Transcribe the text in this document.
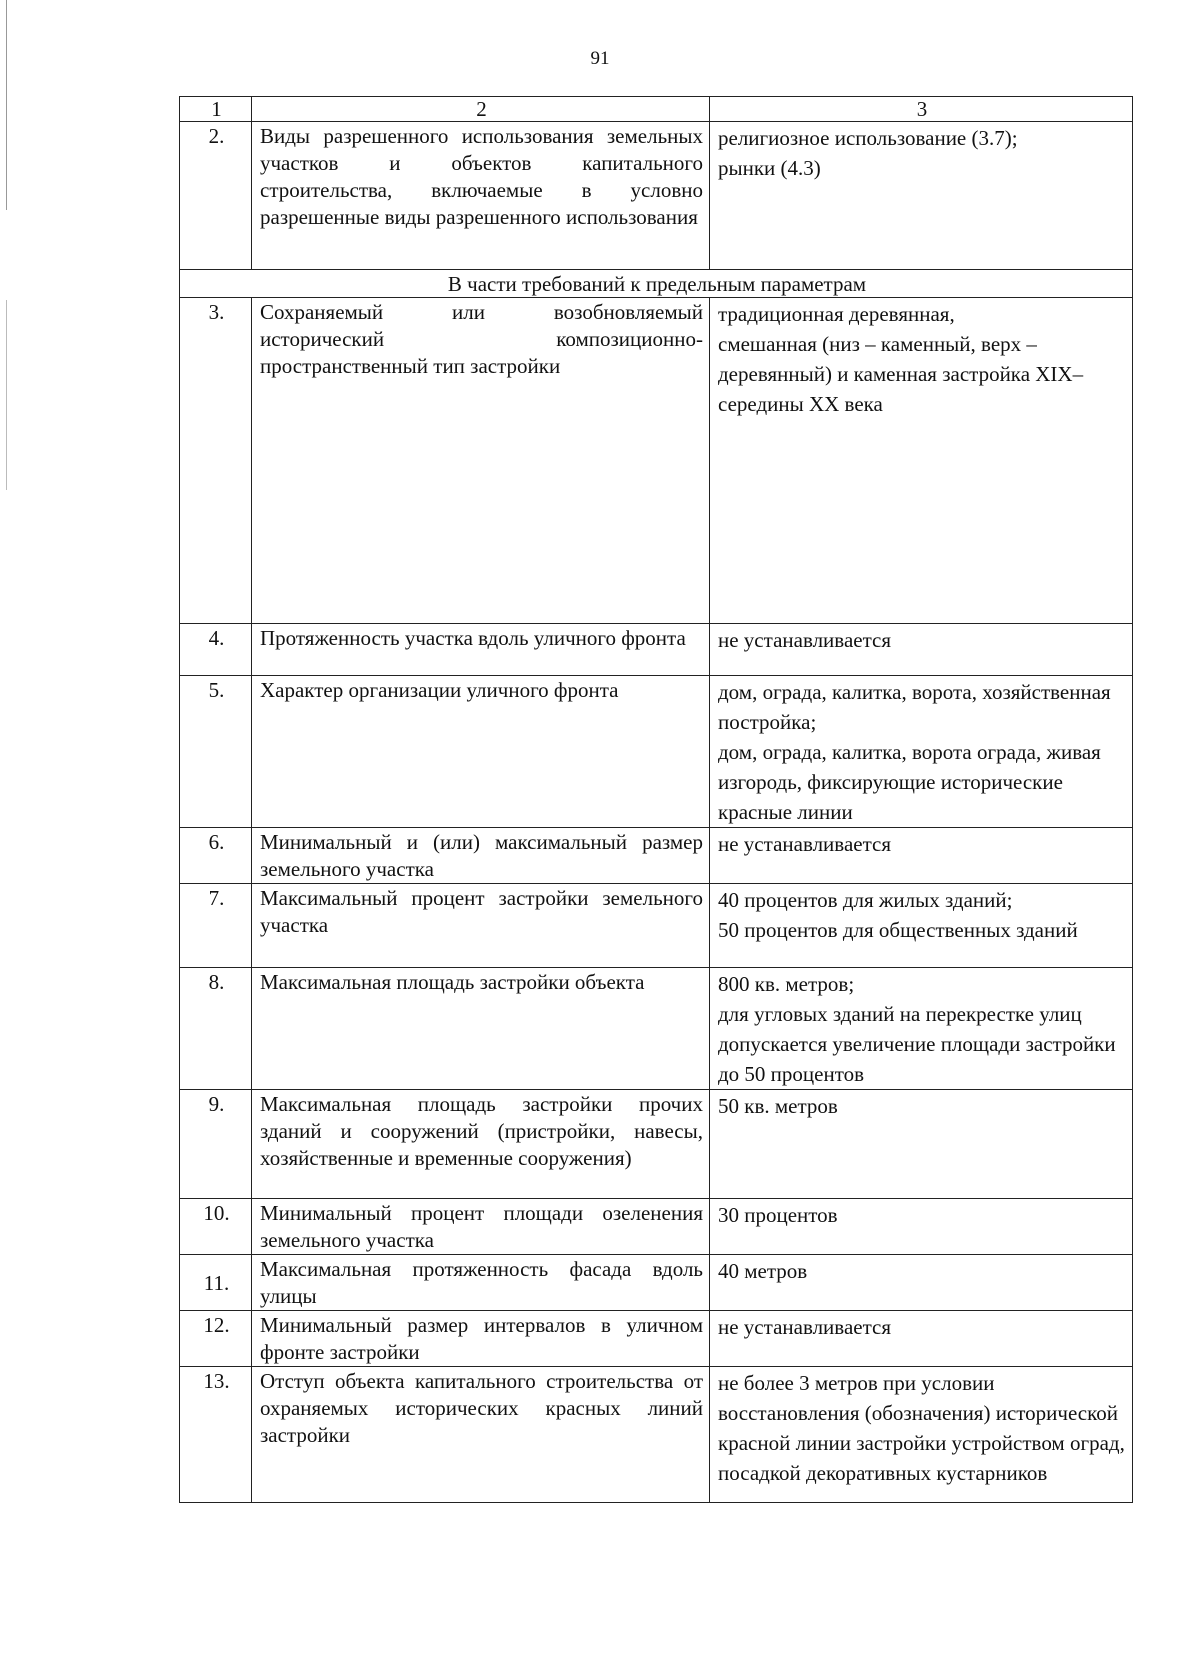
91
1	2	3
2.	Виды разрешенного использования земельных участков и объектов капитального строительства, включаемые в условно разрешенные виды разрешенного использования	религиозное использование (3.7);
рынки (4.3)

В части требований к предельным параметрам		
3.	Сохраняемый или возобновляемый исторический композиционно-пространственный тип застройки	традиционная деревянная,
смешанная (низ – каменный, верх – деревянный) и каменная застройка XIX–середины XX века

4.	Протяженность участка вдоль уличного фронта	не устанавливается

5.	Характер организации уличного фронта	дом, ограда, калитка, ворота, хозяйственная постройка;
дом, ограда, калитка, ворота ограда, живая изгородь, фиксирующие исторические красные линии

6.	Минимальный и (или) максимальный размер земельного участка	не устанавливается

7.	Максимальный процент застройки земельного участка	40 процентов для жилых зданий;
50 процентов для общественных зданий

8.	Максимальная площадь застройки объекта	800 кв. метров;
для угловых зданий на перекрестке улиц допускается увеличение площади застройки до 50 процентов

9.	Максимальная площадь застройки прочих зданий и сооружений (пристройки, навесы, хозяйственные и временные сооружения)	50 кв. метров

10.	Минимальный процент площади озеленения земельного участка	30 процентов

11.	Максимальная протяженность фасада вдоль улицы	40 метров

12.	Минимальный размер интервалов в уличном фронте застройки	не устанавливается

13.	Отступ объекта капитального строительства от охраняемых исторических красных линий застройки	не более 3 метров при условии восстановления (обозначения) исторической красной линии застройки устройством оград, посадкой декоративных кустарников
